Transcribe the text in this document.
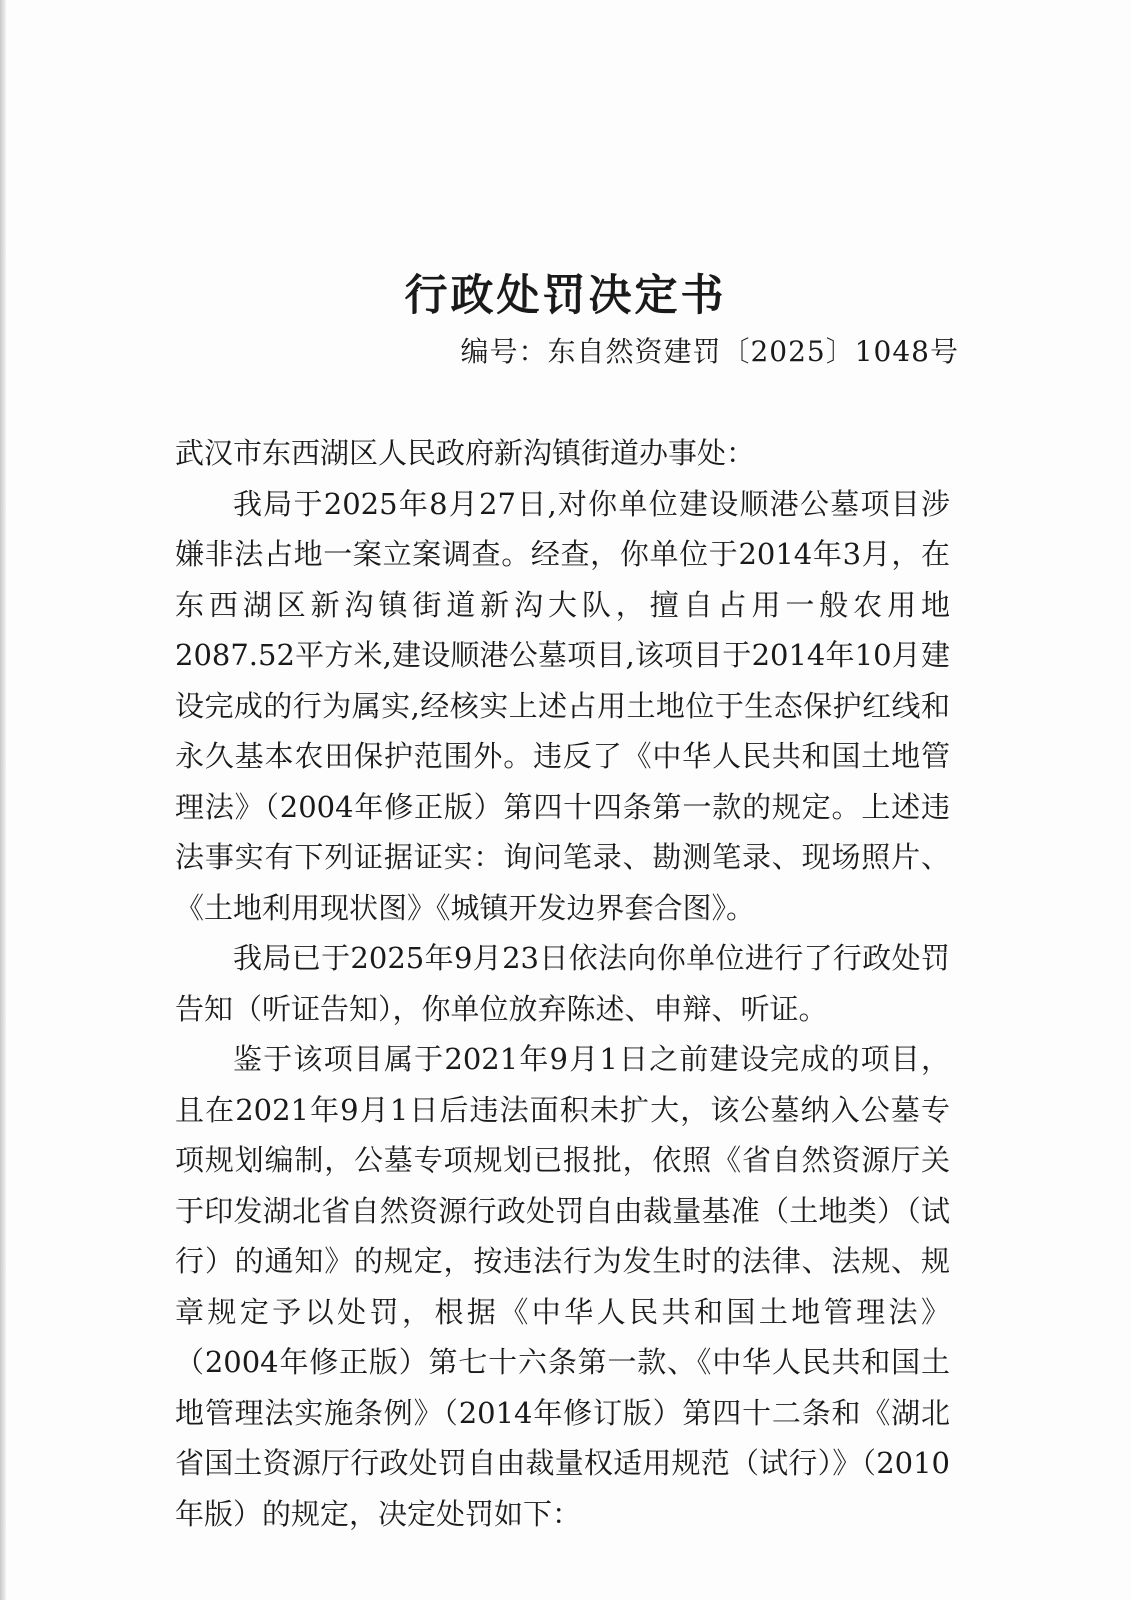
行政处罚决定书
编号：东自然资建罚〔2025〕1048号

武汉市东西湖区人民政府新沟镇街道办事处：

我局于2025年8月27日,对你单位建设顺港公墓项目涉嫌非法占地一案立案调查。经查，你单位于2014年3月，在东西湖区新沟镇街道新沟大队，擅自占用一般农用地2087.52平方米,建设顺港公墓项目,该项目于2014年10月建设完成的行为属实,经核实上述占用土地位于生态保护红线和永久基本农田保护范围外。违反了《中华人民共和国土地管理法》（2004年修正版）第四十四条第一款的规定。上述违法事实有下列证据证实：询问笔录、勘测笔录、现场照片、《土地利用现状图》《城镇开发边界套合图》。

我局已于2025年9月23日依法向你单位进行了行政处罚告知（听证告知），你单位放弃陈述、申辩、听证。

鉴于该项目属于2021年9月1日之前建设完成的项目，且在2021年9月1日后违法面积未扩大，该公墓纳入公墓专项规划编制，公墓专项规划已报批，依照《省自然资源厅关于印发湖北省自然资源行政处罚自由裁量基准（土地类）（试行）的通知》的规定，按违法行为发生时的法律、法规、规章规定予以处罚，根据《中华人民共和国土地管理法》（2004年修正版）第七十六条第一款、《中华人民共和国土地管理法实施条例》（2014年修订版）第四十二条和《湖北省国土资源厅行政处罚自由裁量权适用规范（试行）》（2010年版）的规定，决定处罚如下：
